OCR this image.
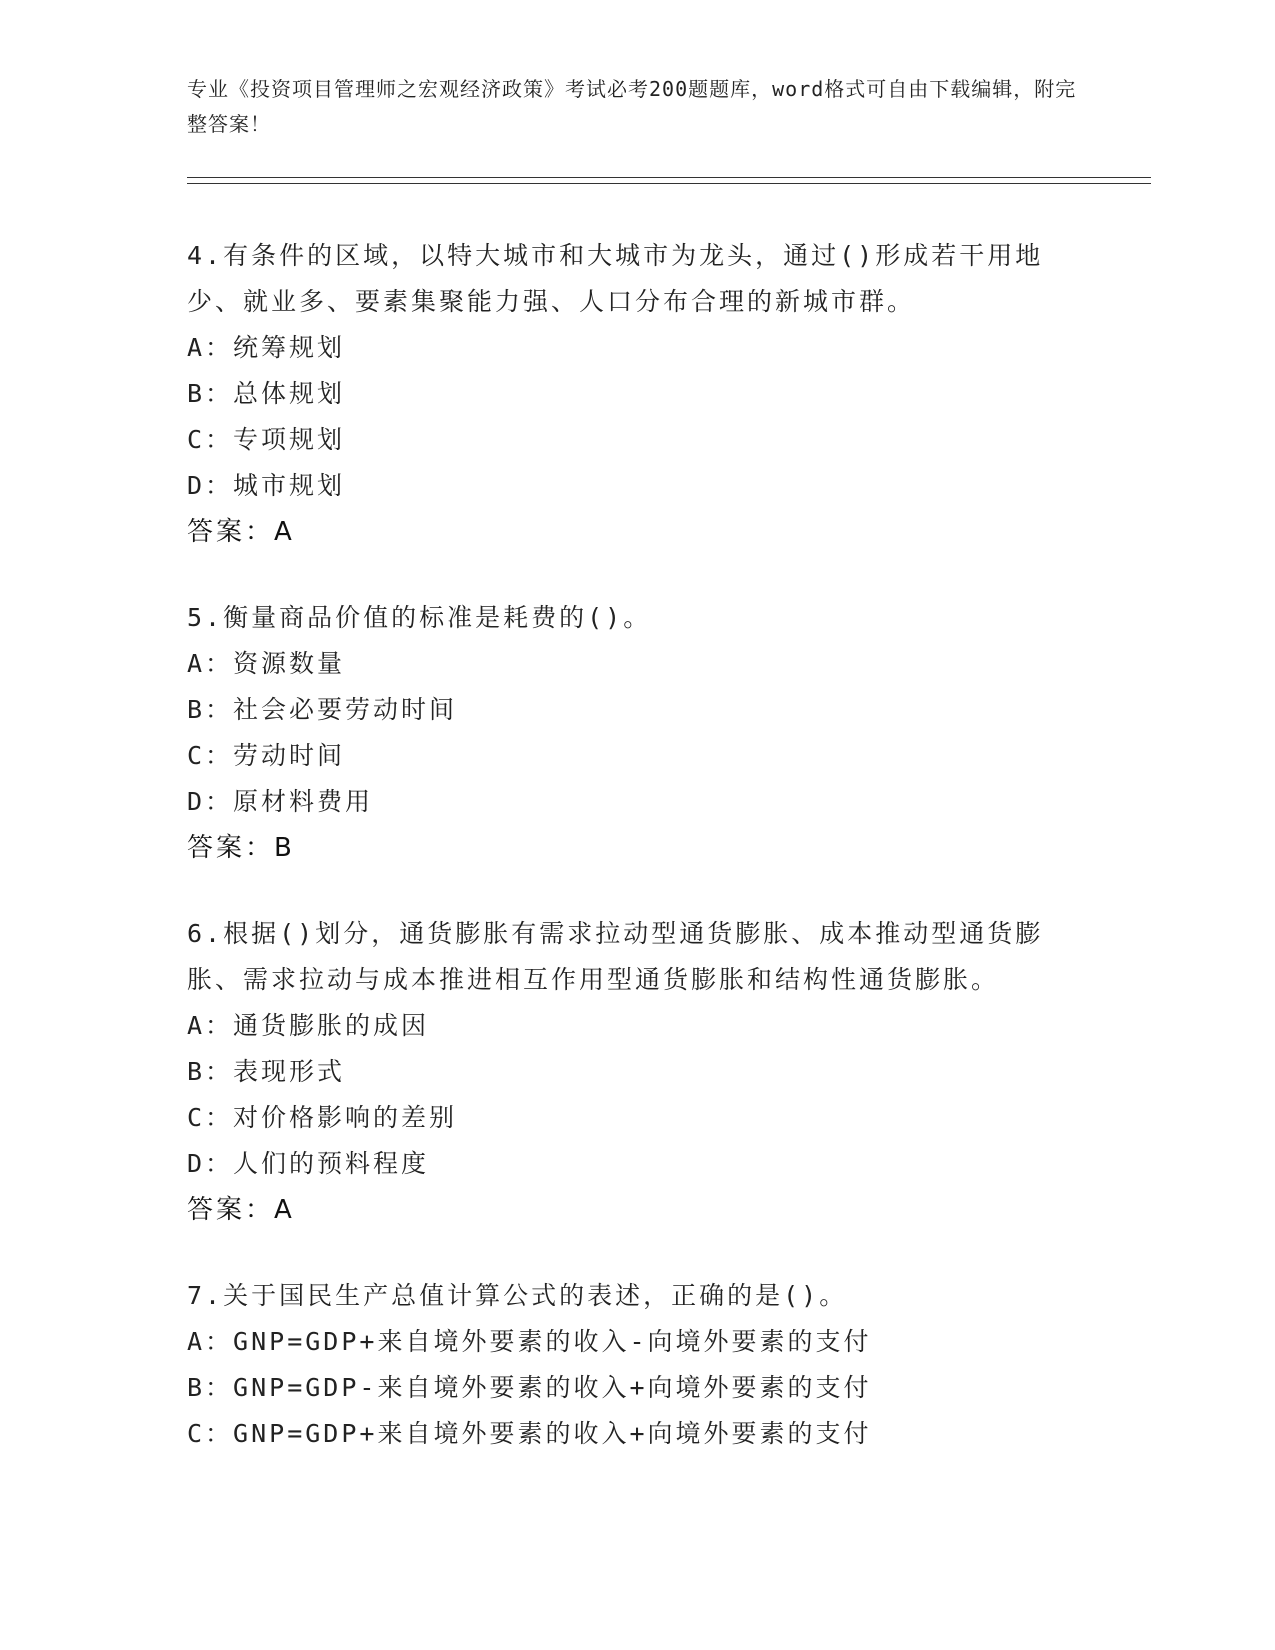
专业《投资项目管理师之宏观经济政策》考试必考200题题库，word格式可自由下载编辑，附完整答案！

4.有条件的区域，以特大城市和大城市为龙头，通过()形成若干用地少、就业多、要素集聚能力强、人口分布合理的新城市群。

A：统筹规划

B：总体规划

C：专项规划

D：城市规划

答案：A

5.衡量商品价值的标准是耗费的()。

A：资源数量

B：社会必要劳动时间

C：劳动时间

D：原材料费用

答案：B

6.根据()划分，通货膨胀有需求拉动型通货膨胀、成本推动型通货膨胀、需求拉动与成本推进相互作用型通货膨胀和结构性通货膨胀。

A：通货膨胀的成因

B：表现形式

C：对价格影响的差别

D：人们的预料程度

答案：A

7.关于国民生产总值计算公式的表述，正确的是()。

A：GNP=GDP+来自境外要素的收入-向境外要素的支付

B：GNP=GDP-来自境外要素的收入+向境外要素的支付

C：GNP=GDP+来自境外要素的收入+向境外要素的支付
